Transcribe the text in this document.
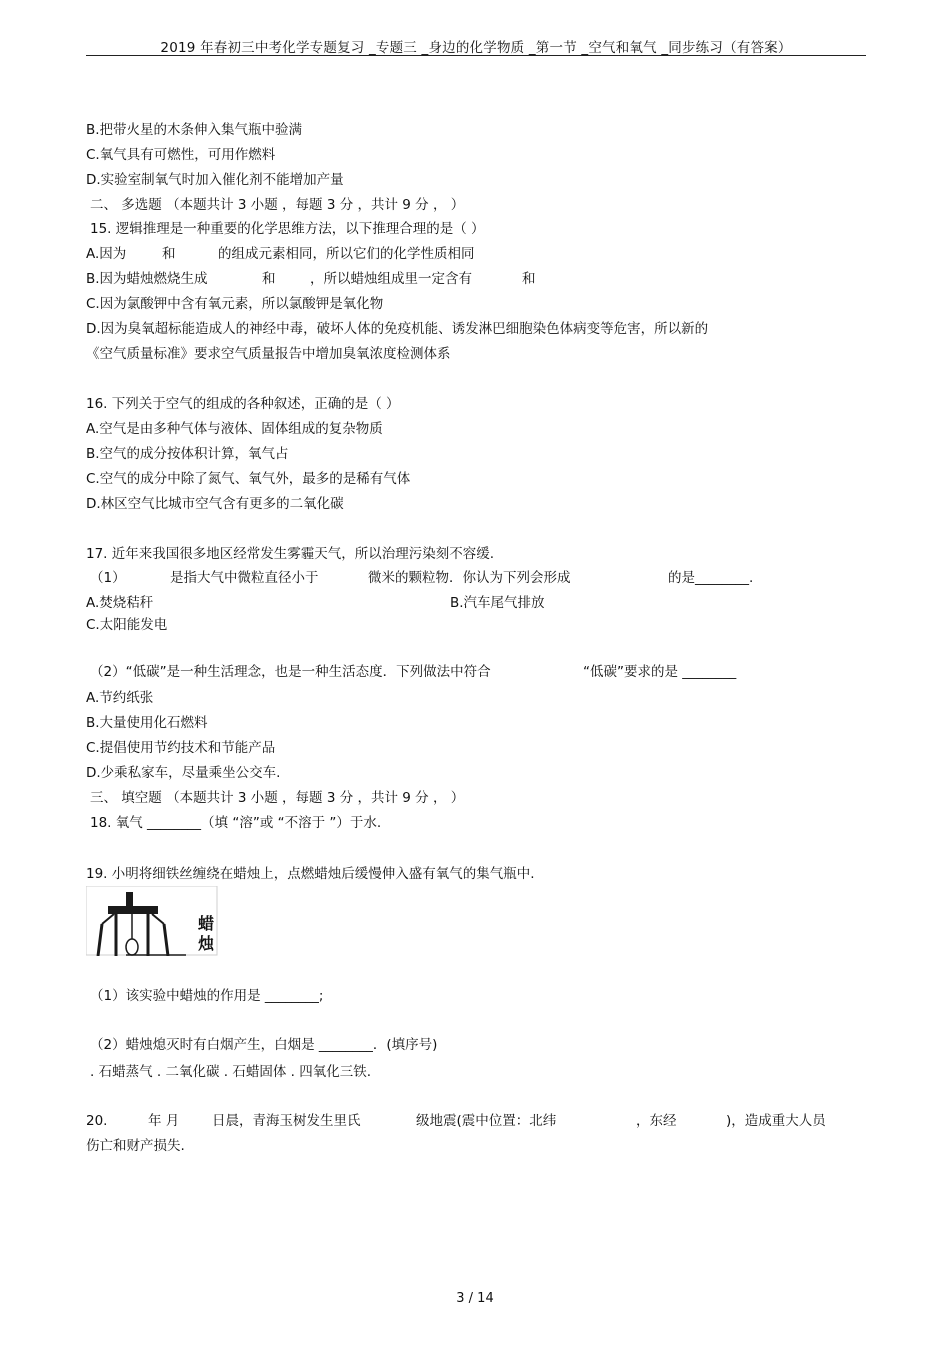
2019 年春初三中考化学专题复习 _专题三 _身边的化学物质 _第一节 _空气和氧气 _同步练习（有答案）
B.把带火星的木条伸入集气瓶中验满
C.氧气具有可燃性，可用作燃料
D.实验室制氧气时加入催化剂不能增加产量
二、 多选题 （本题共计 3 小题 ，每题 3 分 ，共计 9 分 ， ）
15. 逻辑推理是一种重要的化学思维方法，以下推理合理的是（ ）
A.因为	和	的组成元素相同，所以它们的化学性质相同
B.因为蜡烛燃烧生成	和	，所以蜡烛组成里一定含有	和
C.因为氯酸钾中含有氧元素，所以氯酸钾是氧化物
D.因为臭氧超标能造成人的神经中毒，破坏人体的免疫机能、诱发淋巴细胞染色体病变等危害，所以新的
《空气质量标准》要求空气质量报告中增加臭氧浓度检测体系
16. 下列关于空气的组成的各种叙述，正确的是（ ）
A.空气是由多种气体与液体、固体组成的复杂物质
B.空气的成分按体积计算，氧气占
C.空气的成分中除了氮气、氧气外，最多的是稀有气体
D.林区空气比城市空气含有更多的二氧化碳
17. 近年来我国很多地区经常发生雾霾天气，所以治理污染刻不容缓.
（1）	是指大气中微粒直径小于	微米的颗粒物．你认为下列会形成	的是________.
A.焚烧秸秆	B.汽车尾气排放
C.太阳能发电
（2）“低碳”是一种生活理念，也是一种生活态度．下列做法中符合	“低碳”要求的是 ________
A.节约纸张
B.大量使用化石燃料
C.提倡使用节约技术和节能产品
D.少乘私家车，尽量乘坐公交车.
三、 填空题 （本题共计 3 小题 ，每题 3 分 ，共计 9 分 ， ）
18. 氧气 ________（填 “溶”或 “不溶于 ”）于水.
19. 小明将细铁丝缠绕在蜡烛上，点燃蜡烛后缓慢伸入盛有氧气的集气瓶中.
蜡烛
（1）该实验中蜡烛的作用是 ________;
（2）蜡烛熄灭时有白烟产生，白烟是 ________．(填序号)
. 石蜡蒸气 . 二氧化碳 . 石蜡固体 . 四氧化三铁.
20.	年 月 日晨，青海玉树发生里氏	级地震(震中位置：北纬	，东经	)，造成重大人员
伤亡和财产损失.
3 / 14
